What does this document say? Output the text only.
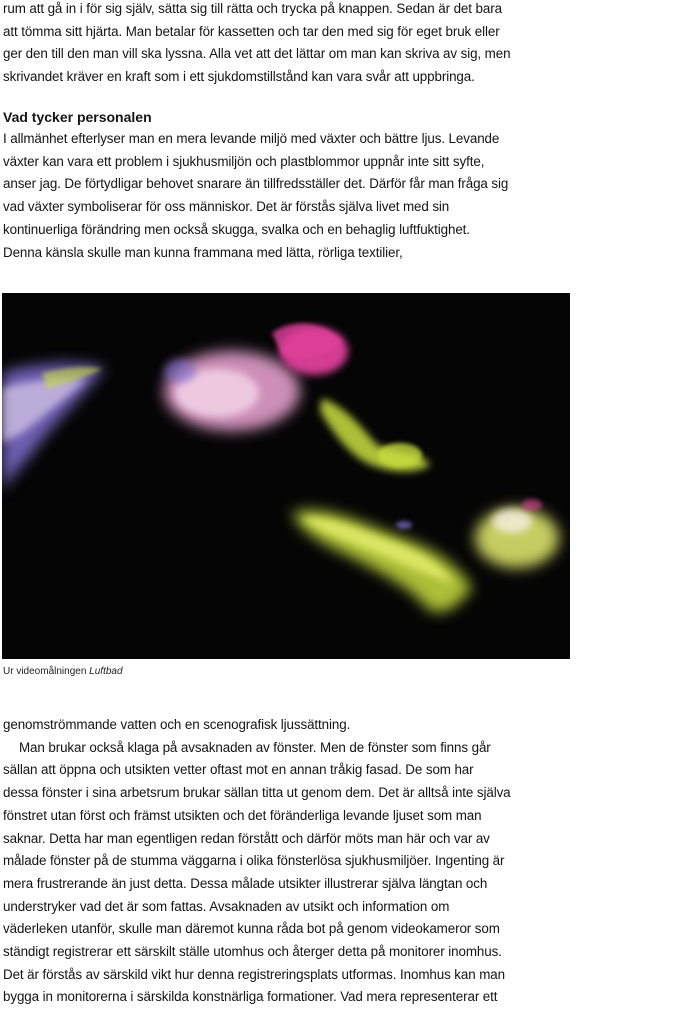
rum att gå in i för sig själv, sätta sig till rätta och trycka på knappen. Sedan är det bara
att tömma sitt hjärta. Man betalar för kassetten och tar den med sig för eget bruk eller
ger den till den man vill ska lyssna. Alla vet att det lättar om man kan skriva av sig, men
skrivandet kräver en kraft som i ett sjukdomstillstånd kan vara svår att uppbringa.
Vad tycker personalen
I allmänhet efterlyser man en mera levande miljö med växter och bättre ljus. Levande
växter kan vara ett problem i sjukhusmiljön och plastblommor uppnår inte sitt syfte,
anser jag. De förtydligar behovet snarare än tillfredsställer det. Därför får man fråga sig
vad växter symboliserar för oss människor. Det är förstås själva livet med sin
kontinuerliga förändring men också skugga, svalka och en behaglig luftfuktighet.
Denna känsla skulle man kunna frammana med lätta, rörliga textilier,
Ur videomålningen Luftbad
genomströmmande vatten och en scenografisk ljussättning.
Man brukar också klaga på avsaknaden av fönster. Men de fönster som finns går
sällan att öppna och utsikten vetter oftast mot en annan tråkig fasad. De som har
dessa fönster i sina arbetsrum brukar sällan titta ut genom dem. Det är alltså inte själva
fönstret utan först och främst utsikten och det föränderliga levande ljuset som man
saknar. Detta har man egentligen redan förstått och därför möts man här och var av
målade fönster på de stumma väggarna i olika fönsterlösa sjukhusmiljöer. Ingenting är
mera frustrerande än just detta. Dessa målade utsikter illustrerar själva längtan och
understryker vad det är som fattas. Avsaknaden av utsikt och information om
väderleken utanför, skulle man däremot kunna råda bot på genom videokameror som
ständigt registrerar ett särskilt ställe utomhus och återger detta på monitorer inomhus.
Det är förstås av särskild vikt hur denna registreringsplats utformas. Inomhus kan man
bygga in monitorerna i särskilda konstnärliga formationer. Vad mera representerar ett
